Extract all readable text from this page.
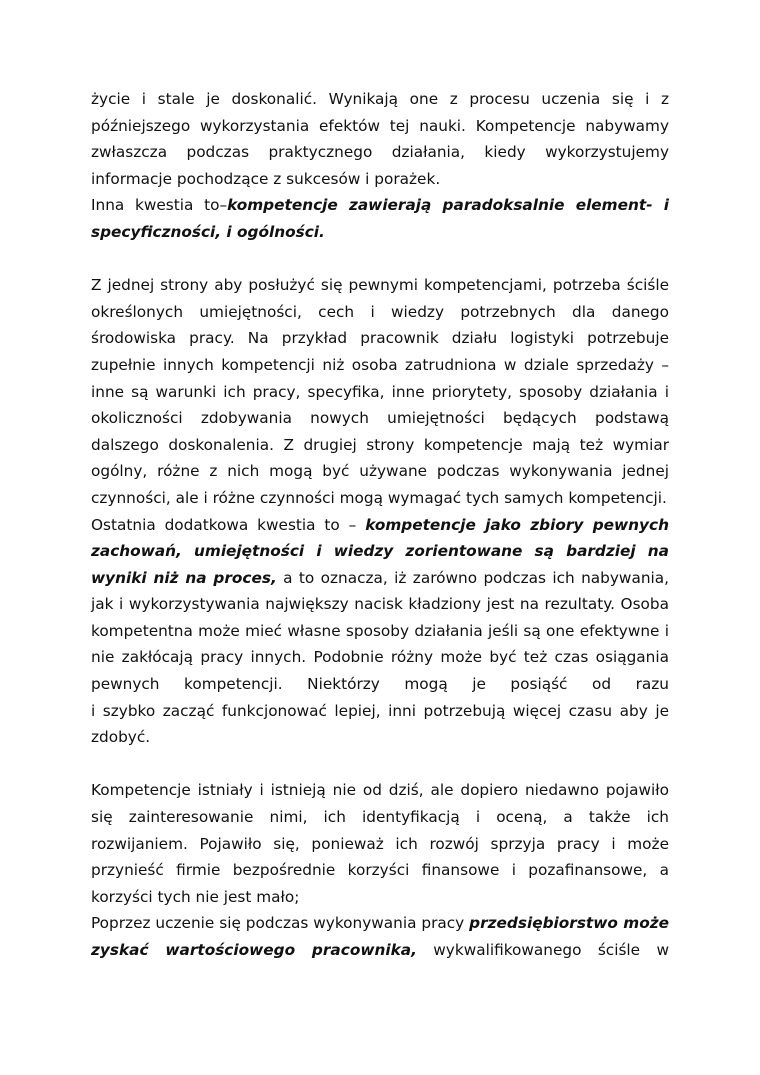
życie i stale je doskonalić. Wynikają one z procesu uczenia się i z późniejszego wykorzystania efektów tej nauki. Kompetencje nabywamy zwłaszcza podczas praktycznego działania, kiedy wykorzystujemy informacje pochodzące z sukcesów i porażek.

Inna kwestia to–kompetencje zawierają paradoksalnie element- i specyficzności, i ogólności.

Z jednej strony aby posłużyć się pewnymi kompetencjami, potrzeba ściśle określonych umiejętności, cech i wiedzy potrzebnych dla danego środowiska pracy. Na przykład pracownik działu logistyki potrzebuje zupełnie innych kompetencji niż osoba zatrudniona w dziale sprzedaży – inne są warunki ich pracy, specyfika, inne priorytety, sposoby działania i okoliczności zdobywania nowych umiejętności będących podstawą dalszego doskonalenia. Z drugiej strony kompetencje mają też wymiar ogólny, różne z nich mogą być używane podczas wykonywania jednej czynności, ale i różne czynności mogą wymagać tych samych kompetencji.

Ostatnia dodatkowa kwestia to – kompetencje jako zbiory pewnych zachowań, umiejętności i wiedzy zorientowane są bardziej na wyniki niż na proces, a to oznacza, iż zarówno podczas ich nabywania, jak i wykorzystywania największy nacisk kładziony jest na rezultaty. Osoba kompetentna może mieć własne sposoby działania jeśli są one efektywne i nie zakłócają pracy innych. Podobnie różny może być też czas osiągania pewnych kompetencji. Niektórzy mogą je posiąść od razu

i szybko zacząć funkcjonować lepiej, inni potrzebują więcej czasu aby je zdobyć.

Kompetencje istniały i istnieją nie od dziś, ale dopiero niedawno pojawiło się zainteresowanie nimi, ich identyfikacją i oceną, a także ich rozwijaniem. Pojawiło się, ponieważ ich rozwój sprzyja pracy i może przynieść firmie bezpośrednie korzyści finansowe i pozafinansowe, a korzyści tych nie jest mało;

Poprzez uczenie się podczas wykonywania pracy przedsiębiorstwo może zyskać wartościowego pracownika, wykwalifikowanego ściśle w
